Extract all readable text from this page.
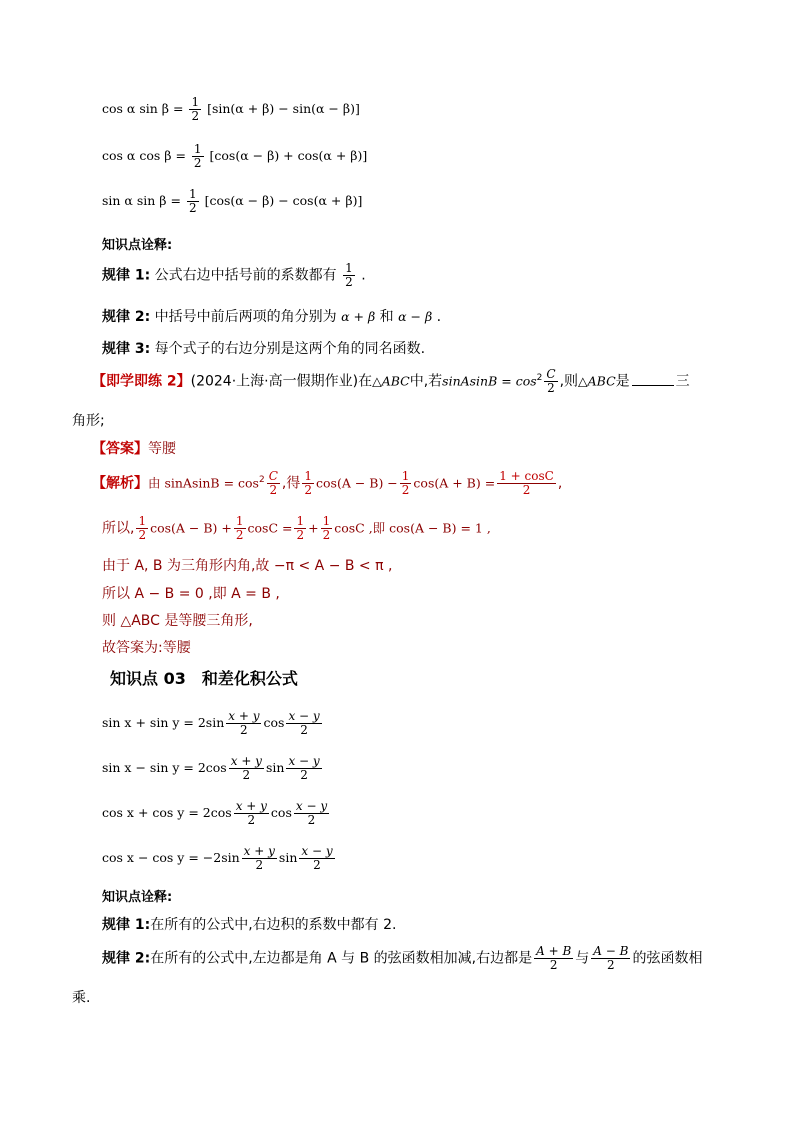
cos α $\sin \beta = \frac{1}{2} [\sin(\alpha + \beta) - \sin(\alpha - \beta)]$
cos α $\cos \beta = \frac{1}{2} [\cos(\alpha - \beta) + \cos(\alpha + \beta)]$
sin α $\sin \beta = \frac{1}{2} [\cos(\alpha - \beta) - \cos(\alpha + \beta)]$
知识点诠释:
规律 1: 公式右边中括号前的系数都有 $\frac{1}{2}$ .
规律 2: 中括号中前后两项的角分别为 α + β 和 α − β .
规律 3: 每个式子的右边分别是这两个角的同名函数.
【即学即练 2】(2024·上海·高一假期作业)在△ABC中,若sinAsinB = $\cos^2 \frac{C}{2}$ ,则△ABC是	三
角形;
【答案】等腰
【解析】由 sinAsinB = $\cos^2 \frac{C}{2}$ ,得 $\frac{1}{2} \cos(A - B) - \frac{1}{2} \cos(A + B) = \frac{1 + \cos C}{2}$ ,
所以, $\frac{1}{2} \cos(A - B) + \frac{1}{2}$ $\cos C = \frac{1}{2} + \frac{1}{2}$ cosC ,即 cos(A − B) = 1 ,
由于 A, B 为三角形内角,故 −π < A − B < π ,
所以 A − B = 0 ,即 A = B ,
则 △ABC 是等腰三角形,
故答案为:等腰
知识点 03　和差化积公式
$\sin x + \sin y = 2\sin \frac{x + y}{2}$ $\cos \frac{x - y}{2}$
$\sin x - \sin y = 2\cos \frac{x + y}{2}$ $\sin \frac{x - y}{2}$
$\cos x + \cos y = 2\cos \frac{x + y}{2}$ $\cos \frac{x - y}{2}$
$\cos x - \cos y = -2\sin \frac{x + y}{2}$ $\sin \frac{x - y}{2}$
知识点诠释:
规律 1:在所有的公式中,右边积的系数中都有 2.
规律 2:在所有的公式中,左边都是角 A 与 B 的弦函数相加减,右边都是 $\frac{A + B}{2}$ 与 $\frac{A - B}{2}$ 的弦函数相
乘.
